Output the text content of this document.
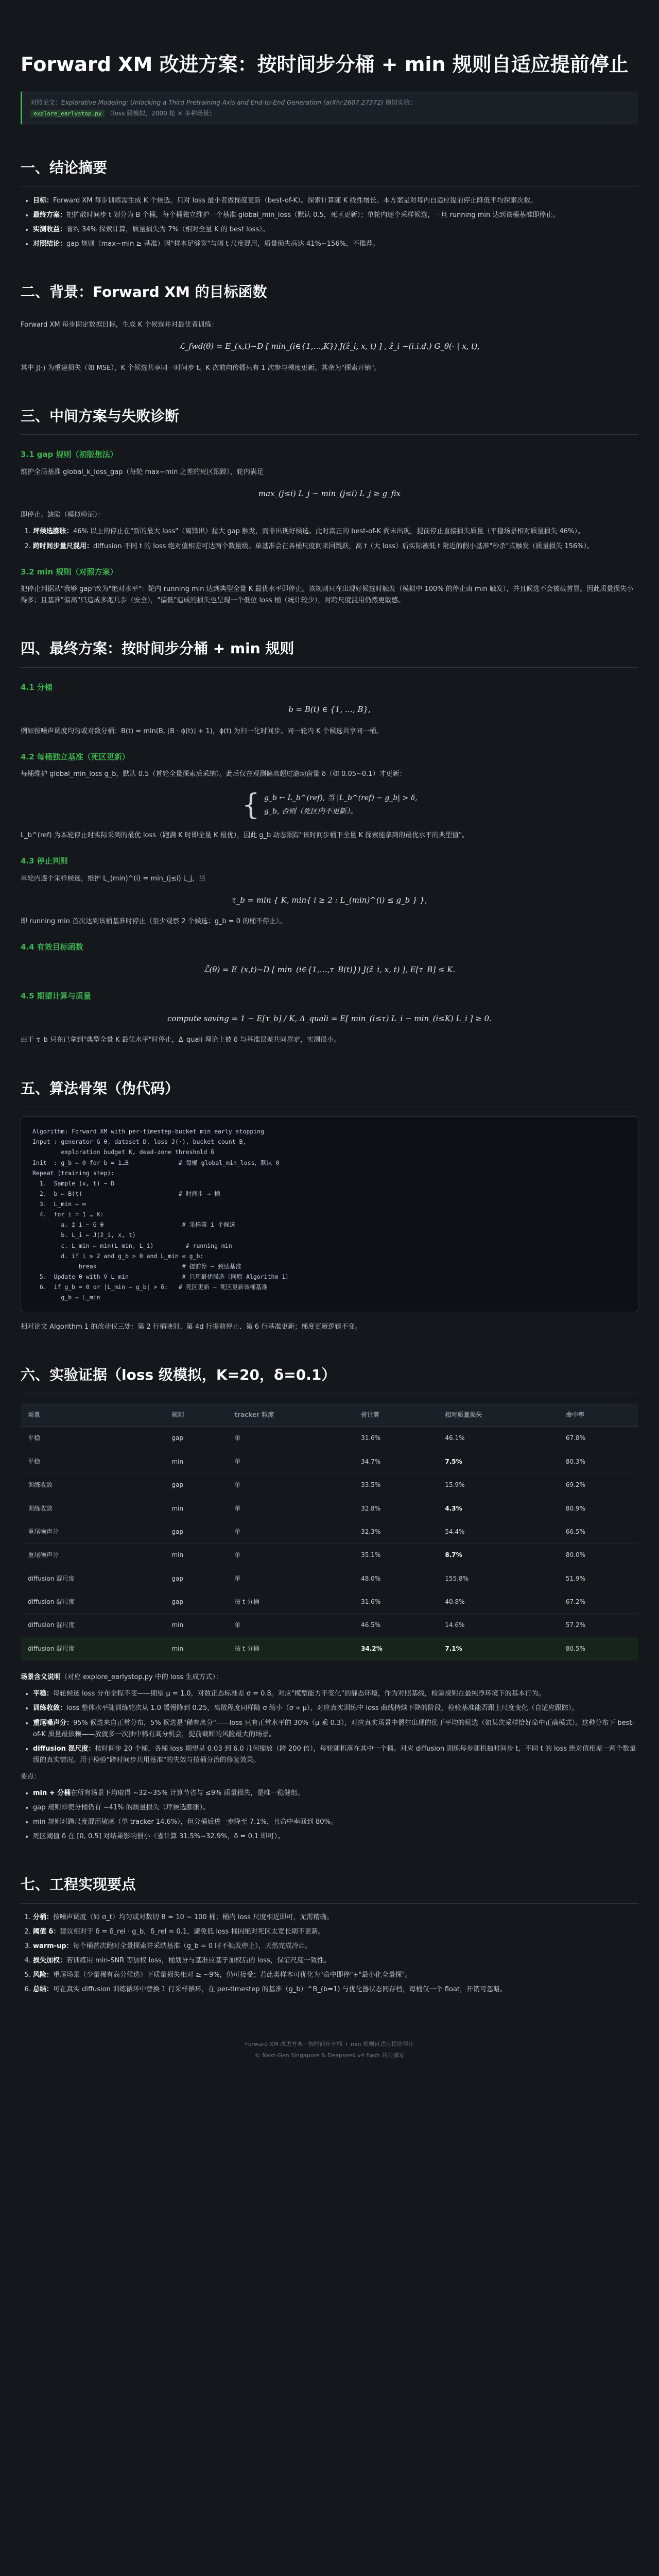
Forward XM 改进方案：按时间步分桶 + min 规则自适应提前停止
对照论文：Explorative Modeling: Unlocking a Third Pretraining Axis and End-to-End Generation (arXiv:2607.27372) 模拟实验：
explore_earlystop.py （loss 级模拟，2000 轮 × 多种场景）
一、结论摘要
• 目标：Forward XM 每步训练需生成 K 个候选，只对 loss 最小者做梯度更新（best-of-K）。探索计算随 K 线性增长。本方案是对每内自适应提前停止降低平均探索次数。
• 最终方案：把扩散时间步 t 划分为 B 个桶，每个桶独立维护一个基准 global_min_loss（默认 0.5，死区更新）；单轮内逐个采样候选，一旦 running min 达到该桶基准即停止。
• 实测收益：省约 34% 探索计算，质量损失为 7%（相对全量 K 的 best loss）。
• 对照结论：gap 规则（max−min ≥ 基准）因"样本足够宽"与阈 t 尺度混用，质量损失高达 41%~156%，不推荐。
二、背景：Forward XM 的目标函数

Forward XM 每步固定数据目标，生成 K 个候选并对最优者训练：

ℒ_fwd(θ) = E_(x,t)~D [ min_(i∈{1,…,K}) J(ẑ_i, x, t) ] , ẑ_i ~(i.i.d.) G_θ(· | x, t),

其中 J(·) 为重建损失（如 MSE），K 个候选共享同一时间步 t。K 次前向传播只有 1 次参与梯度更新。其余为"探索开销"。

三、中间方案与失败诊断
3.1 gap 规则（初版想法）

维护全局基准 global_k_loss_gap（每轮 max−min 之差的死区跟踪），轮内满足

max_(j≤i) L_j − min_(j≤i) L_j ≥ g_fix

即停止。缺陷（模拟验证）：

1. 坪候选膨胀：46% 以上的停止在"新的最大 loss"（离锋出）拉大 gap 触发，而非出现好候选。此时真正的 best-of-K 尚未出现，提前停止直接损失质量（平稳场景相对质量损失 46%）。
2. 跨时间步量尺混用：diffusion 不同 t 的 loss 绝对值相差可达两个数量级。单基准会在各桶尺度间来回跳跃，高 t（大 loss）后实际被低 t 附近的假小基准"秒杀"式触发（质量损失 156%）。
3.2 min 规则（对照方案）

把停止判据从"我够 gap"改为"绝对水平"：轮内 running min 达到典型全量 K 最优水平即停止。该规则只在出现好候选时触发（模拟中 100% 的停止由 min 触发），并且候选不会被截首显。因此质量损失小得多；且基准"偏高"只造成多跑几步（安全），"偏低"造成的损失也呈现一个低位 loss 桶（统计较少），对跨尺度混用仍然更敏感。

四、最终方案：按时间步分桶 + min 规则
4.1 分桶
b = B(t) ∈ {1, …, B},

例如按噪声调度均匀或对数分桶：B(t) = min(B, ⌊B · ϕ(t)⌋ + 1)，ϕ(t) 为归一化时间步。同一轮内 K 个候选共享同一桶。

4.2 每桶独立基准（死区更新）

每桶维护 global_min_loss g_b，默认 0.5（首轮全量探索后采纳）。此后仅在观测偏离超过滤动窗量 δ（如 0.05~0.1）才更新：

{ g_b ← L_b^(ref), 当 |L_b^(ref) − g_b| > δ,
g_b, 否则（死区内不更新）。

L_b^(ref) 为本轮停止时实际采到的最优 loss（跑满 K 时即全量 K 最优），因此 g_b 动态跟踪"该时间步桶下全量 K 探索能拿到的最优水平的典型值"。

4.3 停止判则

单轮内逐个采样候选，维护 L_(min)^(i) = min_(j≤i) L_j，当

τ_b = min { K, min{ i ≥ 2 : L_(min)^(i) ≤ g_b } },

即 running min 首次达到该桶基准时停止（至少观察 2 个候选；g_b = 0 的桶不停止）。

4.4 有效目标函数
ℒ̃(θ) = E_(x,t)~D [ min_(i∈{1,…,τ_B(t)}) J(ẑ_i, x, t) ], E[τ_B] ≤ K.
4.5 期望计算与质量
compute saving = 1 − E[τ_b] / K, Δ_quali = E[ min_(i≤τ) L_i − min_(i≤K) L_i ] ≥ 0.

由于 τ_b 只在已拿到"典型全量 K 最优水平"时停止，Δ_quali 理论上被 δ 与基准误差共同界定，实测很小。

五、算法骨架（伪代码）
Algorithm: Forward XM with per-timestep-bucket min early stopping
Input : generator G_θ, dataset D, loss J(·), bucket count B,
exploration budget K, dead-zone threshold δ
Init  : g_b ← 0 for b = 1…B              # 每桶 global_min_loss，默认 0
Repeat (training step):
1.  Sample (x, t) ~ D
2.  b ← B(t)                           # 时间步 → 桶
3.  L_min ← ∞
4.  for i = 1 … K:
a. ẑ_i ~ G_θ                      # 采样第 i 个候选
b. L_i ← J(ẑ_i, x, t)
c. L_min ← min(L_min, L_i)         # running min
d. if i ≥ 2 and g_b > 0 and L_min ≤ g_b:
break                        # 提前停 — 到达基准
5.  Update θ with ∇ L_min               # 只用最优候选（同原 Algorithm 1）
6.  if g_b = 0 or |L_min − g_b| > δ:   # 死区更新 — 死区更新该桶基准
g_b ← L_min

相对论文 Algorithm 1 的改动仅三处：第 2 行桶映射、第 4d 行提前停止、第 6 行基准更新；梯度更新逻辑不变。

六、实验证据（loss 级模拟，K=20，δ=0.1）
场景	规则	tracker 粒度	省计算	相对质量损失	命中率
平稳	gap	单	31.6%	46.1%	67.8%
平稳	min	单	34.7%	7.5%	80.3%
训练收敛	gap	单	33.5%	15.9%	69.2%
训练收敛	min	单	32.8%	4.3%	80.9%
重尾噪声分	gap	单	32.3%	54.4%	66.5%
重尾噪声分	min	单	35.1%	8.7%	80.0%
diffusion 混尺度	gap	单	48.0%	155.8%	51.9%
diffusion 混尺度	gap	按 t 分桶	31.6%	40.8%	67.2%
diffusion 混尺度	min	单	46.5%	14.6%	57.2%
diffusion 混尺度	min	按 t 分桶	34.2%	7.1%	80.5%

场景含义说明（对应 explore_earlystop.py 中的 loss 生成方式）：

• 平稳：每轮候选 loss 分布全程不变——期望 μ = 1.0，对数正态标准差 σ = 0.8。对应"模型能力不变化"的静态环境，作为对照基线，检验规则在最纯净环境下的基本行为。
• 训练收敛：loss 整体水平随训练轮次从 1.0 缓慢降到 0.25，离散程度同样随 σ 缩小（σ ∝ μ），对应真实训练中 loss 曲线持续下降的阶段，检验基准能否跟上尺度变化（自适应跟踪）。
• 重尾噪声分：95% 候选来自正常分布，5% 候选是"稀有离分"——loss 只有正常水平的 30%（μ 乘 0.3），对应真实场景中偶尔出现的优于平均的候选（如某次采样恰好命中正确模式）。这种分布下 best-of-K 质量最依赖——放就多一次抽中稀有高分机会，提前截断的风险最大的场景。
• diffusion 混尺度：按时间步 20 个桶，各桶 loss 期望呈 0.03 到 6.0 几何缩放（跨 200 倍），每轮随机落在其中一个桶。对应 diffusion 训练每步随机抽时间步 t，不同 t 的 loss 绝对值相差一两个数量级的真实情况。用于检验"跨时间步共用基准"的失效与按桶分治的修复效果。

要点：

• min + 分桶在所有场景下均取得 ~32~35% 计算节省与 ≤9% 质量损失，是唯一稳健组。
• gap 规则即使分桶仍有 ~41% 的质量损失（坪候选膨胀）。
• min 规则对跨尺度混用敏感（单 tracker 14.6%），但分桶后进一步降至 7.1%，且命中率回到 80%。
• 死区阈值 δ 在 [0, 0.5] 对结果影响很小（省计算 31.5%~32.9%，δ = 0.1 即可）。
七、工程实现要点
1. 分桶：按噪声调度（如 σ_t）均匀或对数切 B = 10 ~ 100 桶；桶内 loss 尺度相近即可，无需精确。
2. 阈值 δ：建议相对于 δ = δ_rel · g_b，δ_rel ≈ 0.1，避免低 loss 桶因绝对死区太宽长期不更新。
3. warm-up：每个桶首次跑时全量探索并采纳基准（g_b = 0 时不触发停止），天然完成冷启。
4. 损失加权：若训练用 min-SNR 等加权 loss，桶划分与基准应基于加权后的 loss，保证尺度一致性。
5. 风险：重尾场景（少量稀有高分候选）下质量损失相对 ≥ ~9%，仍可接受；若此类样本可优化为"命中即停"+"最小化全量探"。
6. 总结：可在真实 diffusion 训练循环中替换 1 行采样循环，在 per-timestep 的基准（g_b）^B_(b=1) 与优化器状态同存档，每桶仅一个 float，开销可忽略。
Forward XM 改进方案 · 按时间步分桶 + min 规则自适应提前停止
© Next-Gen Singapore & Deepseek v4 flash 共同撰写
